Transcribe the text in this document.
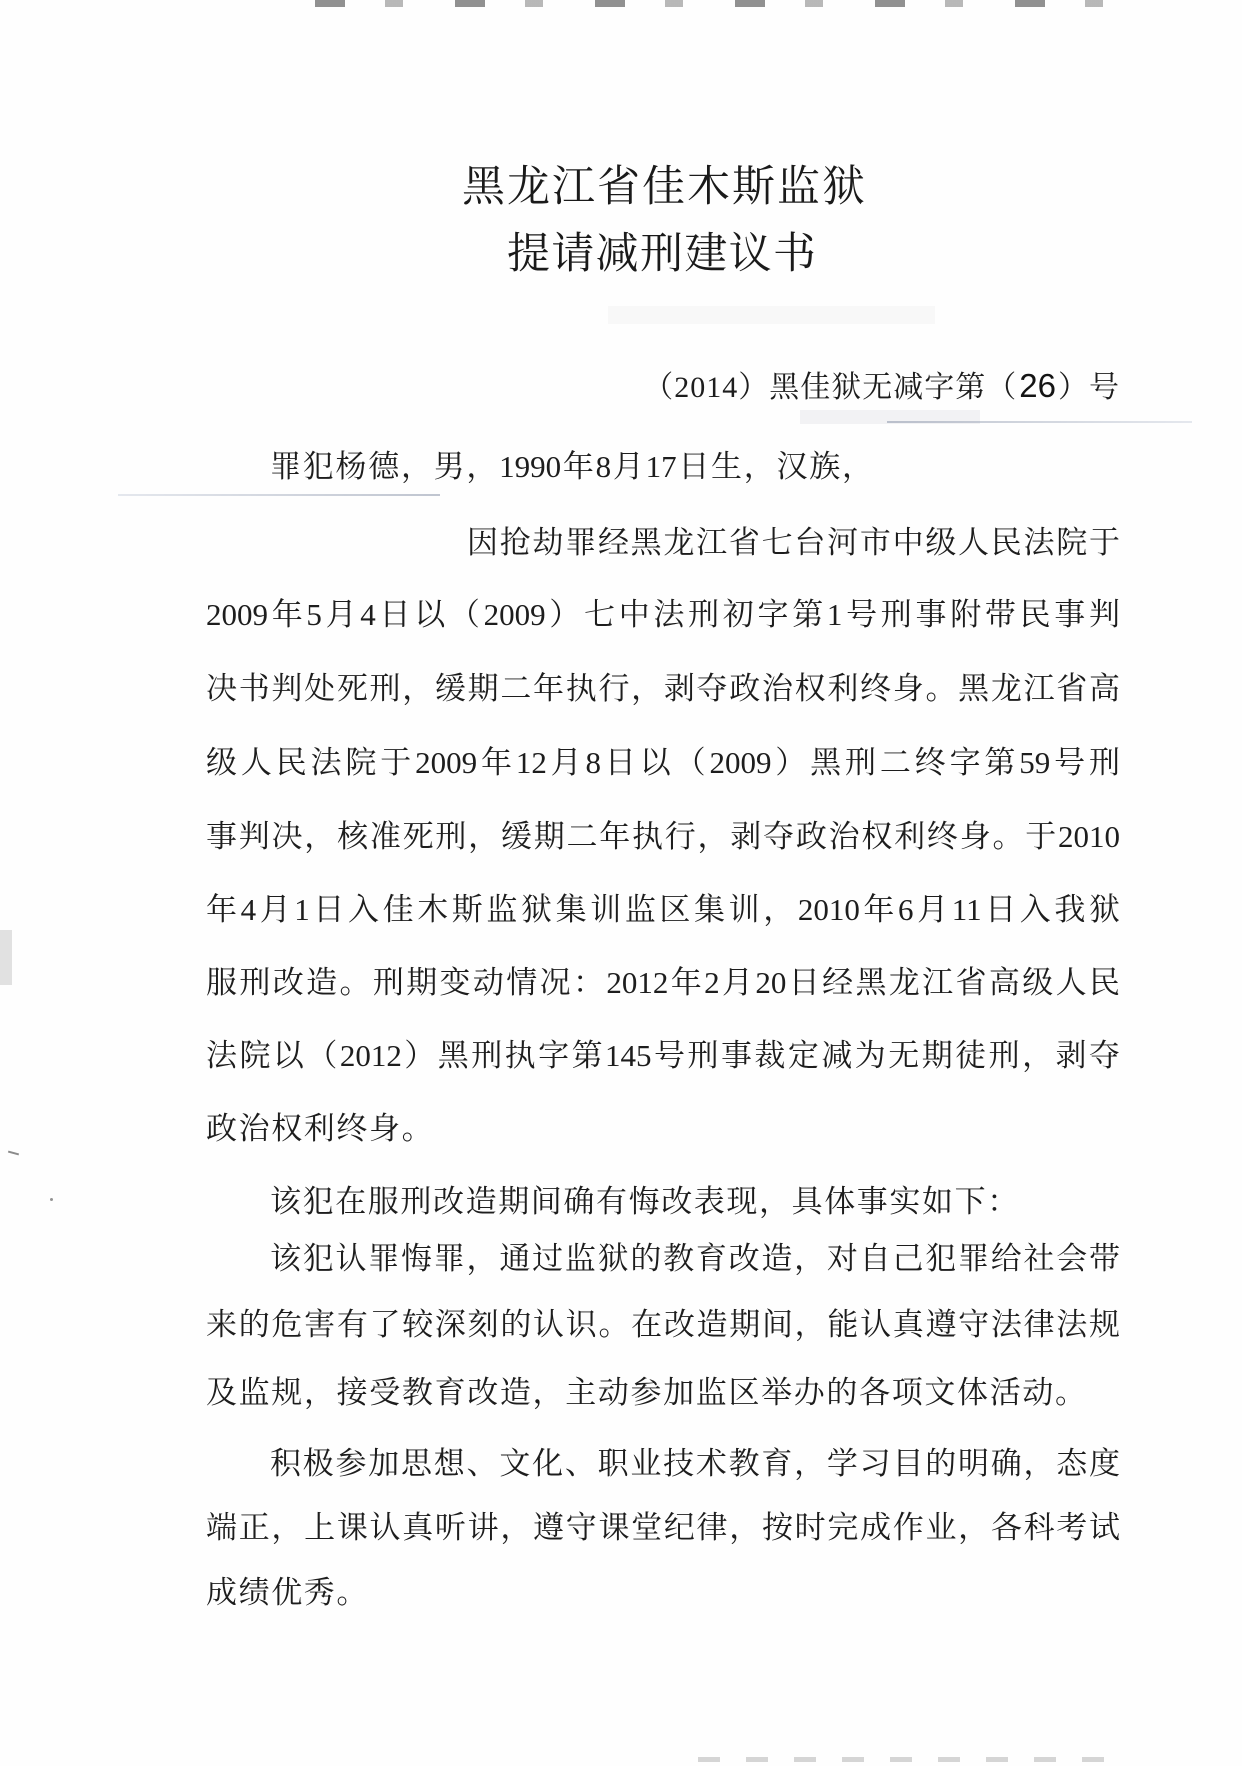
黑龙江省佳木斯监狱
提请减刑建议书
（2014）黑佳狱无减字第（26）号
罪犯杨德，男，1990年8月17日生，汉族，
因抢劫罪经黑龙江省七台河市中级人民法院于
2009年5月4日以（2009）七中法刑初字第1号刑事附带民事判
决书判处死刑，缓期二年执行，剥夺政治权利终身。黑龙江省高
级人民法院于2009年12月8日以（2009）黑刑二终字第59号刑
事判决，核准死刑，缓期二年执行，剥夺政治权利终身。于2010
年4月1日入佳木斯监狱集训监区集训，2010年6月11日入我狱
服刑改造。刑期变动情况：2012年2月20日经黑龙江省高级人民
法院以（2012）黑刑执字第145号刑事裁定减为无期徒刑，剥夺
政治权利终身。
该犯在服刑改造期间确有悔改表现，具体事实如下：
该犯认罪悔罪，通过监狱的教育改造，对自己犯罪给社会带
来的危害有了较深刻的认识。在改造期间，能认真遵守法律法规
及监规，接受教育改造，主动参加监区举办的各项文体活动。
积极参加思想、文化、职业技术教育，学习目的明确，态度
端正，上课认真听讲，遵守课堂纪律，按时完成作业，各科考试
成绩优秀。
